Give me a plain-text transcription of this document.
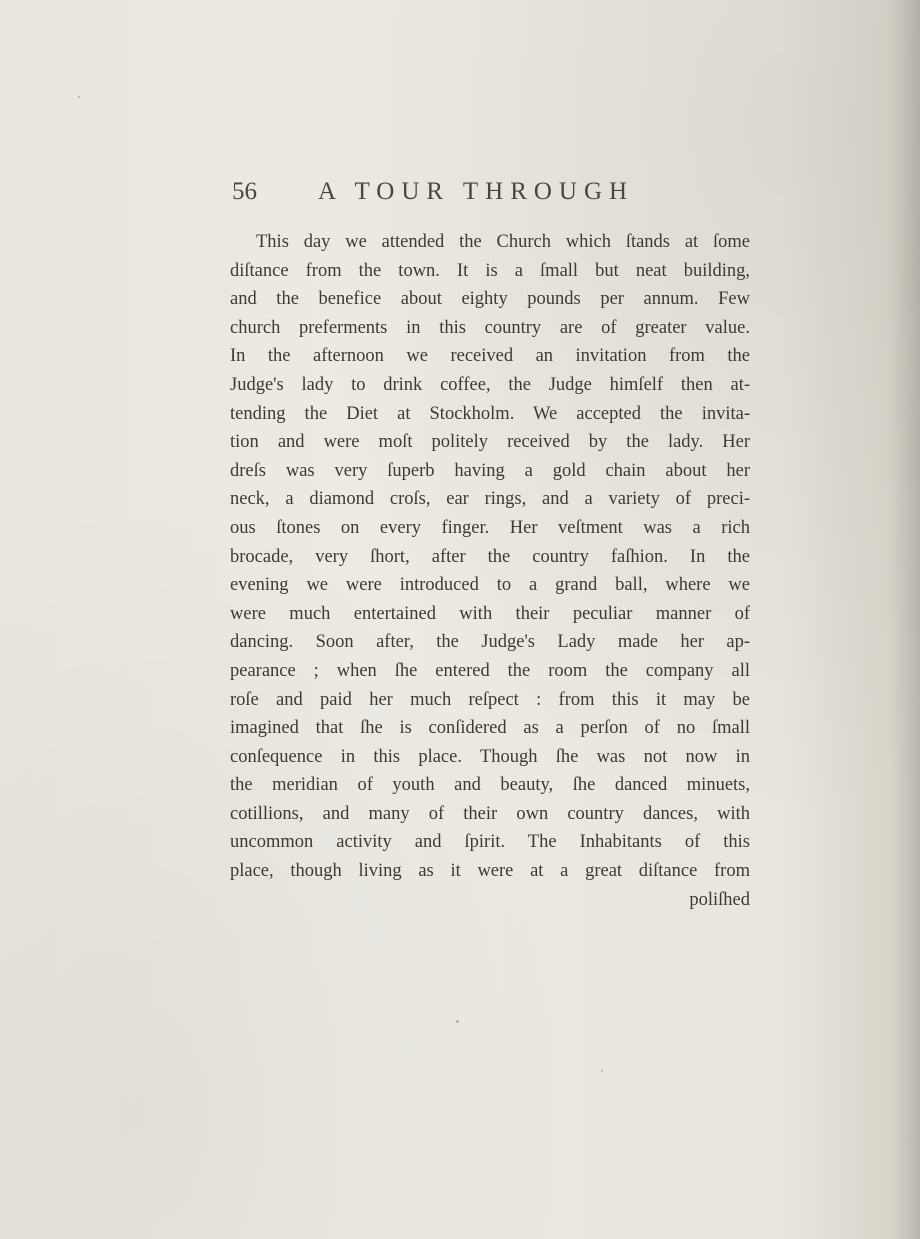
56 A TOUR THROUGH
This day we attended the Church which ſtands at ſome
diſtance from the town. It is a ſmall but neat building,
and the benefice about eighty pounds per annum. Few
church preferments in this country are of greater value.
In the afternoon we received an invitation from the
Judge's lady to drink coffee, the Judge himſelf then at-
tending the Diet at Stockholm. We accepted the invita-
tion and were moſt politely received by the lady. Her
dreſs was very ſuperb having a gold chain about her
neck, a diamond croſs, ear rings, and a variety of preci-
ous ſtones on every finger. Her veſtment was a rich
brocade, very ſhort, after the country faſhion. In the
evening we were introduced to a grand ball, where we
were much entertained with their peculiar manner of
dancing. Soon after, the Judge's Lady made her ap-
pearance ; when ſhe entered the room the company all
roſe and paid her much reſpect : from this it may be
imagined that ſhe is conſidered as a perſon of no ſmall
conſequence in this place. Though ſhe was not now in
the meridian of youth and beauty, ſhe danced minuets,
cotillions, and many of their own country dances, with
uncommon activity and ſpirit. The Inhabitants of this
place, though living as it were at a great diſtance from
poliſhed
